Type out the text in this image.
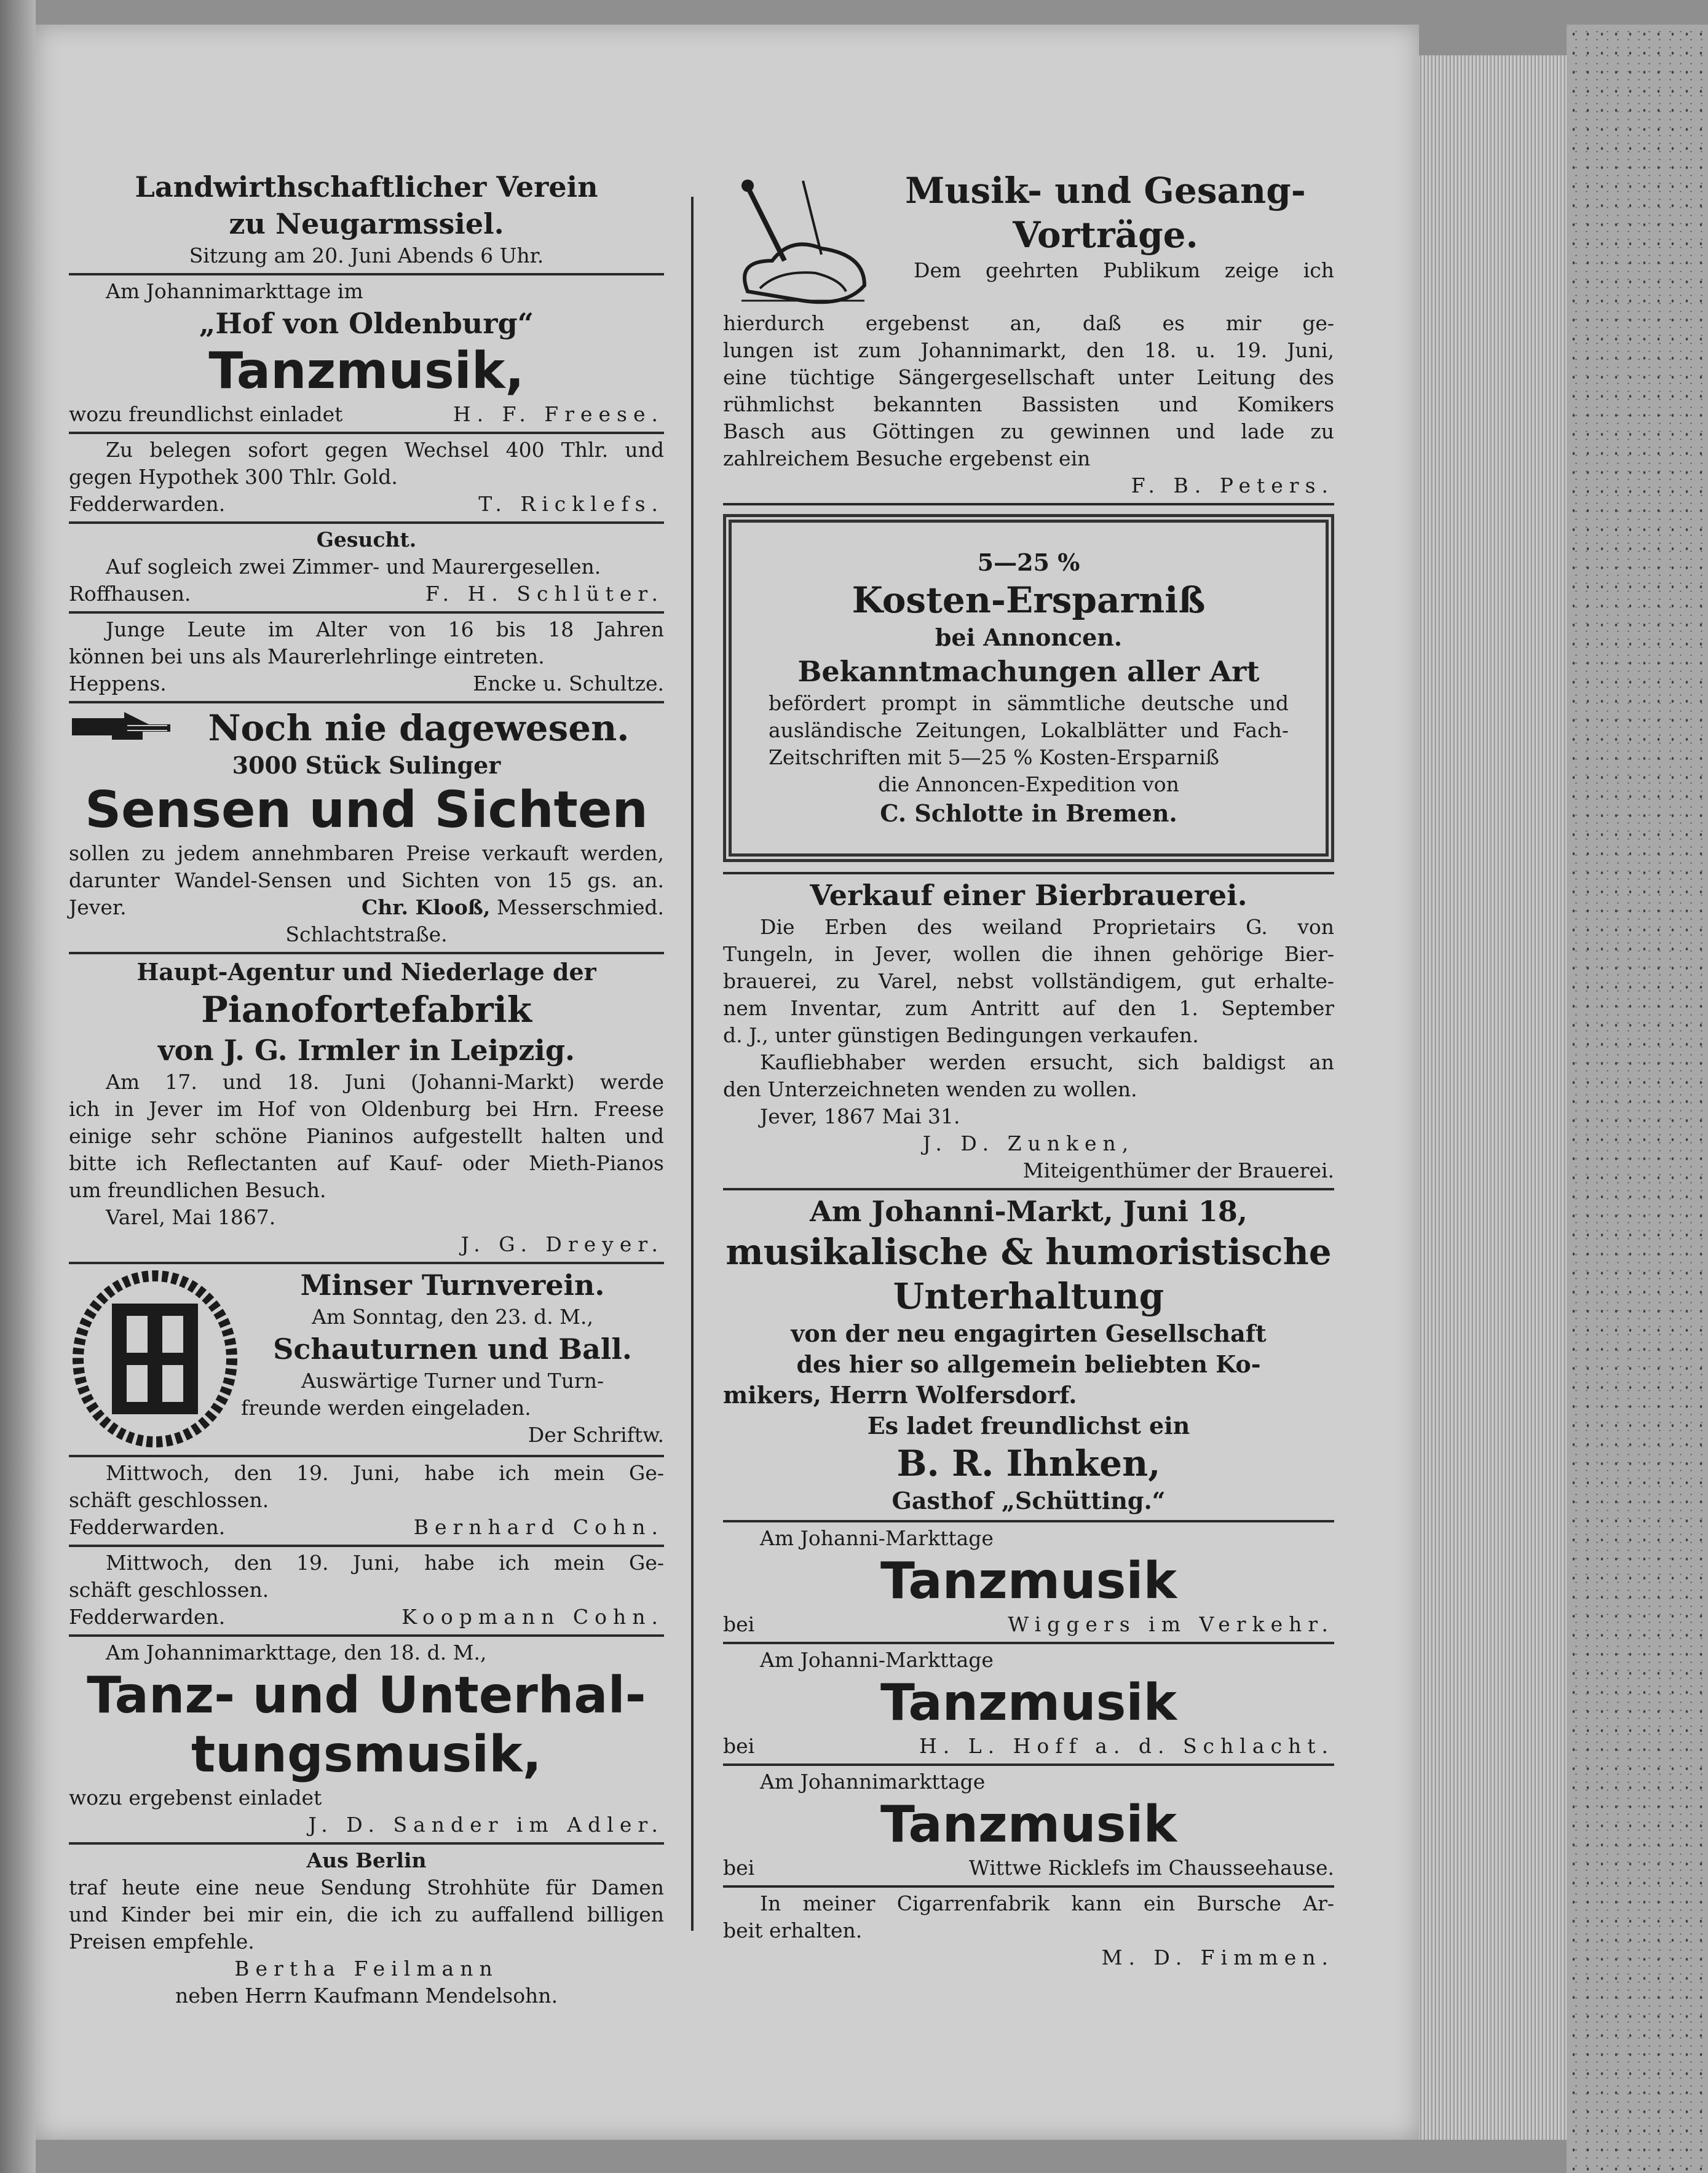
Landwirthschaftlicher Verein

zu Neugarmssiel.

Sitzung am 20. Juni Abends 6 Uhr.

Am Johannimarkttage im

„Hof von Oldenburg“

Tanzmusik,

wozu freundlichst einladet	H. F. Freese.

Zu belegen sofort gegen Wechsel 400 Thlr. und

gegen Hypothek 300 Thlr. Gold.

Fedderwarden.	T. Ricklefs.

Gesucht.

Auf sogleich zwei Zimmer- und Maurergesellen.

Roffhausen.	F. H. Schlüter.

Junge Leute im Alter von 16 bis 18 Jahren

können bei uns als Maurerlehrlinge eintreten.

Heppens.	Encke u. Schultze.

Noch nie dagewesen.

3000 Stück Sulinger

Sensen und Sichten

sollen zu jedem annehmbaren Preise verkauft werden,

darunter Wandel-Sensen und Sichten von 15 gs. an.

Jever.	Chr. Klooß, Messerschmied.

Schlachtstraße.

Haupt-Agentur und Niederlage der

Pianofortefabrik

von J. G. Irmler in Leipzig.

Am 17. und 18. Juni (Johanni-Markt) werde

ich in Jever im Hof von Oldenburg bei Hrn. Freese

einige sehr schöne Pianinos aufgestellt halten und

bitte ich Reflectanten auf Kauf- oder Mieth-Pianos

um freundlichen Besuch.

Varel, Mai 1867.

J. G. Dreyer.

Minser Turnverein.

Am Sonntag, den 23. d. M.,

Schauturnen und Ball.

Auswärtige Turner und Turn-

freunde werden eingeladen.

Der Schriftw.

Mittwoch, den 19. Juni, habe ich mein Ge-

schäft geschlossen.

Fedderwarden.	Bernhard Cohn.

Mittwoch, den 19. Juni, habe ich mein Ge-

schäft geschlossen.

Fedderwarden.	Koopmann Cohn.

Am Johannimarkttage, den 18. d. M.,

Tanz- und Unterhal-

tungsmusik,

wozu ergebenst einladet

J. D. Sander im Adler.

Aus Berlin

traf heute eine neue Sendung Strohhüte für Damen

und Kinder bei mir ein, die ich zu auffallend billigen

Preisen empfehle.

Bertha Feilmann

neben Herrn Kaufmann Mendelsohn.

Musik- und Gesang-

Vorträge.

Dem geehrten Publikum zeige ich

hierdurch ergebenst an, daß es mir ge-

lungen ist zum Johannimarkt, den 18. u. 19. Juni,

eine tüchtige Sängergesellschaft unter Leitung des

rühmlichst bekannten Bassisten und Komikers

Basch aus Göttingen zu gewinnen und lade zu

zahlreichem Besuche ergebenst ein

F. B. Peters.

5—25 %

Kosten-Ersparniß

bei Annoncen.

Bekanntmachungen aller Art

befördert prompt in sämmtliche deutsche und

ausländische Zeitungen, Lokalblätter und Fach-

Zeitschriften mit 5—25 % Kosten-Ersparniß

die Annoncen-Expedition von

C. Schlotte in Bremen.

Verkauf einer Bierbrauerei.

Die Erben des weiland Proprietairs G. von

Tungeln, in Jever, wollen die ihnen gehörige Bier-

brauerei, zu Varel, nebst vollständigem, gut erhalte-

nem Inventar, zum Antritt auf den 1. September

d. J., unter günstigen Bedingungen verkaufen.

Kaufliebhaber werden ersucht, sich baldigst an

den Unterzeichneten wenden zu wollen.

Jever, 1867 Mai 31.

J. D. Zunken,

Miteigenthümer der Brauerei.

Am Johanni-Markt, Juni 18,

musikalische & humoristische

Unterhaltung

von der neu engagirten Gesellschaft

des hier so allgemein beliebten Ko-

mikers, Herrn Wolfersdorf.

Es ladet freundlichst ein

B. R. Ihnken,

Gasthof „Schütting.“

Am Johanni-Markttage

Tanzmusik

bei	Wiggers im Verkehr.

Am Johanni-Markttage

Tanzmusik

bei	H. L. Hoff a. d. Schlacht.

Am Johannimarkttage

Tanzmusik

bei	Wittwe Ricklefs im Chausseehause.

In meiner Cigarrenfabrik kann ein Bursche Ar-

beit erhalten.

M. D. Fimmen.
